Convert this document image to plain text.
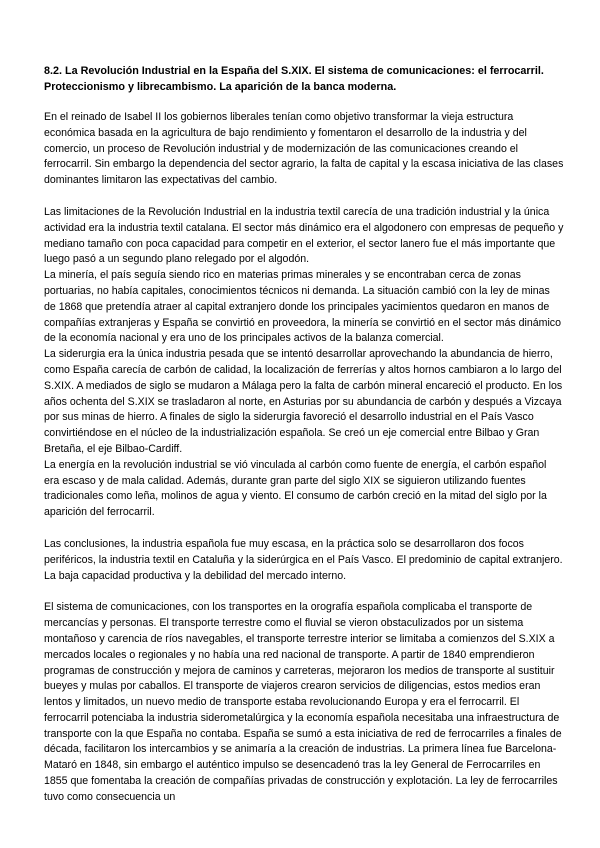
8.2. La Revolución Industrial en la España del S.XIX. El sistema de comunicaciones: el ferrocarril. Proteccionismo y librecambismo. La aparición de la banca moderna.

En el reinado de Isabel II los gobiernos liberales tenían como objetivo transformar la vieja estructura económica basada en la agricultura de bajo rendimiento y fomentaron el desarrollo de la industria y del comercio, un proceso de Revolución industrial y de modernización de las comunicaciones creando el ferrocarril. Sin embargo la dependencia del sector agrario, la falta de capital y la escasa iniciativa de las clases dominantes limitaron las expectativas del cambio.

Las limitaciones de la Revolución Industrial en la industria textil carecía de una tradición industrial y la única actividad era la industria textil catalana. El sector más dinámico era el algodonero con empresas de pequeño y mediano tamaño con poca capacidad para competir en el exterior, el sector lanero fue el más importante que luego pasó a un segundo plano relegado por el algodón.

La minería, el país seguía siendo rico en materias primas minerales y se encontraban cerca de zonas portuarias, no había capitales, conocimientos técnicos ni demanda. La situación cambió con la ley de minas de 1868 que pretendía atraer al capital extranjero donde los principales yacimientos quedaron en manos de compañías extranjeras y España se convirtió en proveedora, la minería se convirtió en el sector más dinámico de la economía nacional y era uno de los principales activos de la balanza comercial.

La siderurgia era la única industria pesada que se intentó desarrollar aprovechando la abundancia de hierro, como España carecía de carbón de calidad, la localización de ferrerías y altos hornos cambiaron a lo largo del S.XIX. A mediados de siglo se mudaron a Málaga pero la falta de carbón mineral encareció el producto. En los años ochenta del S.XIX se trasladaron al norte, en Asturias por su abundancia de carbón y después a Vizcaya por sus minas de hierro. A finales de siglo la siderurgia favoreció el desarrollo industrial en el País Vasco convirtiéndose en el núcleo de la industrialización española. Se creó un eje comercial entre Bilbao y Gran Bretaña, el eje Bilbao-Cardiff.

La energía en la revolución industrial se vió vinculada al carbón como fuente de energía, el carbón español era escaso y de mala calidad. Además, durante gran parte del siglo XIX se siguieron utilizando fuentes tradicionales como leña, molinos de agua y viento. El consumo de carbón creció en la mitad del siglo por la aparición del ferrocarril.

Las conclusiones, la industria española fue muy escasa, en la práctica solo se desarrollaron dos focos periféricos, la industria textil en Cataluña y la siderúrgica en el País Vasco. El predominio de capital extranjero. La baja capacidad productiva y la debilidad del mercado interno.

El sistema de comunicaciones, con los transportes en la orografía española complicaba el transporte de mercancías y personas. El transporte terrestre como el fluvial se vieron obstaculizados por un sistema montañoso y carencia de ríos navegables, el transporte terrestre interior se limitaba a comienzos del S.XIX a mercados locales o regionales y no había una red nacional de transporte. A partir de 1840 emprendieron programas de construcción y mejora de caminos y carreteras, mejoraron los medios de transporte al sustituir bueyes y mulas por caballos. El transporte de viajeros crearon servicios de diligencias, estos medios eran lentos y limitados, un nuevo medio de transporte estaba revolucionando Europa y era el ferrocarril. El ferrocarril potenciaba la industria siderometalúrgica y la economía española necesitaba una infraestructura de transporte con la que España no contaba. España se sumó a esta iniciativa de red de ferrocarriles a finales de década, facilitaron los intercambios y se animaría a la creación de industrias. La primera línea fue Barcelona-Mataró en 1848, sin embargo el auténtico impulso se desencadenó tras la ley General de Ferrocarriles en 1855 que fomentaba la creación de compañías privadas de construcción y explotación. La ley de ferrocarriles tuvo como consecuencia un
